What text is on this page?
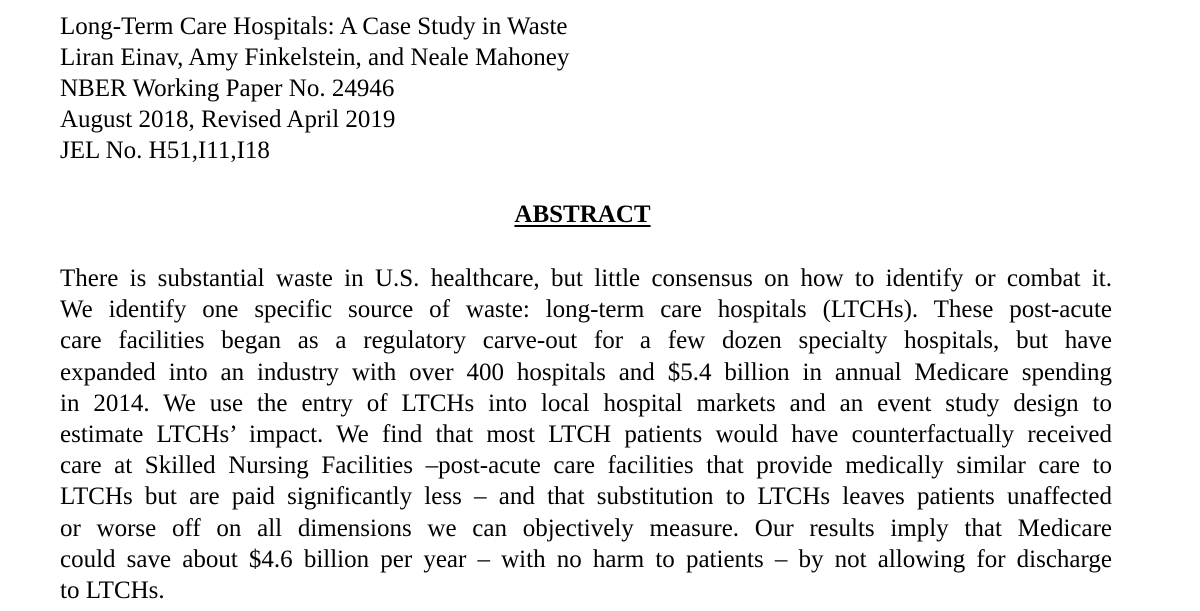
Long-Term Care Hospitals: A Case Study in Waste

Liran Einav, Amy Finkelstein, and Neale Mahoney

NBER Working Paper No. 24946

August 2018, Revised April 2019

JEL No. H51,I11,I18

ABSTRACT
There is substantial waste in U.S. healthcare, but little consensus on how to identify or combat it.
We identify one specific source of waste: long-term care hospitals (LTCHs). These post-acute
care facilities began as a regulatory carve-out for a few dozen specialty hospitals, but have
expanded into an industry with over 400 hospitals and $5.4 billion in annual Medicare spending
in 2014. We use the entry of LTCHs into local hospital markets and an event study design to
estimate LTCHs’ impact. We find that most LTCH patients would have counterfactually received
care at Skilled Nursing Facilities –post-acute care facilities that provide medically similar care to
LTCHs but are paid significantly less – and that substitution to LTCHs leaves patients unaffected
or worse off on all dimensions we can objectively measure. Our results imply that Medicare
could save about $4.6 billion per year – with no harm to patients – by not allowing for discharge
to LTCHs.
